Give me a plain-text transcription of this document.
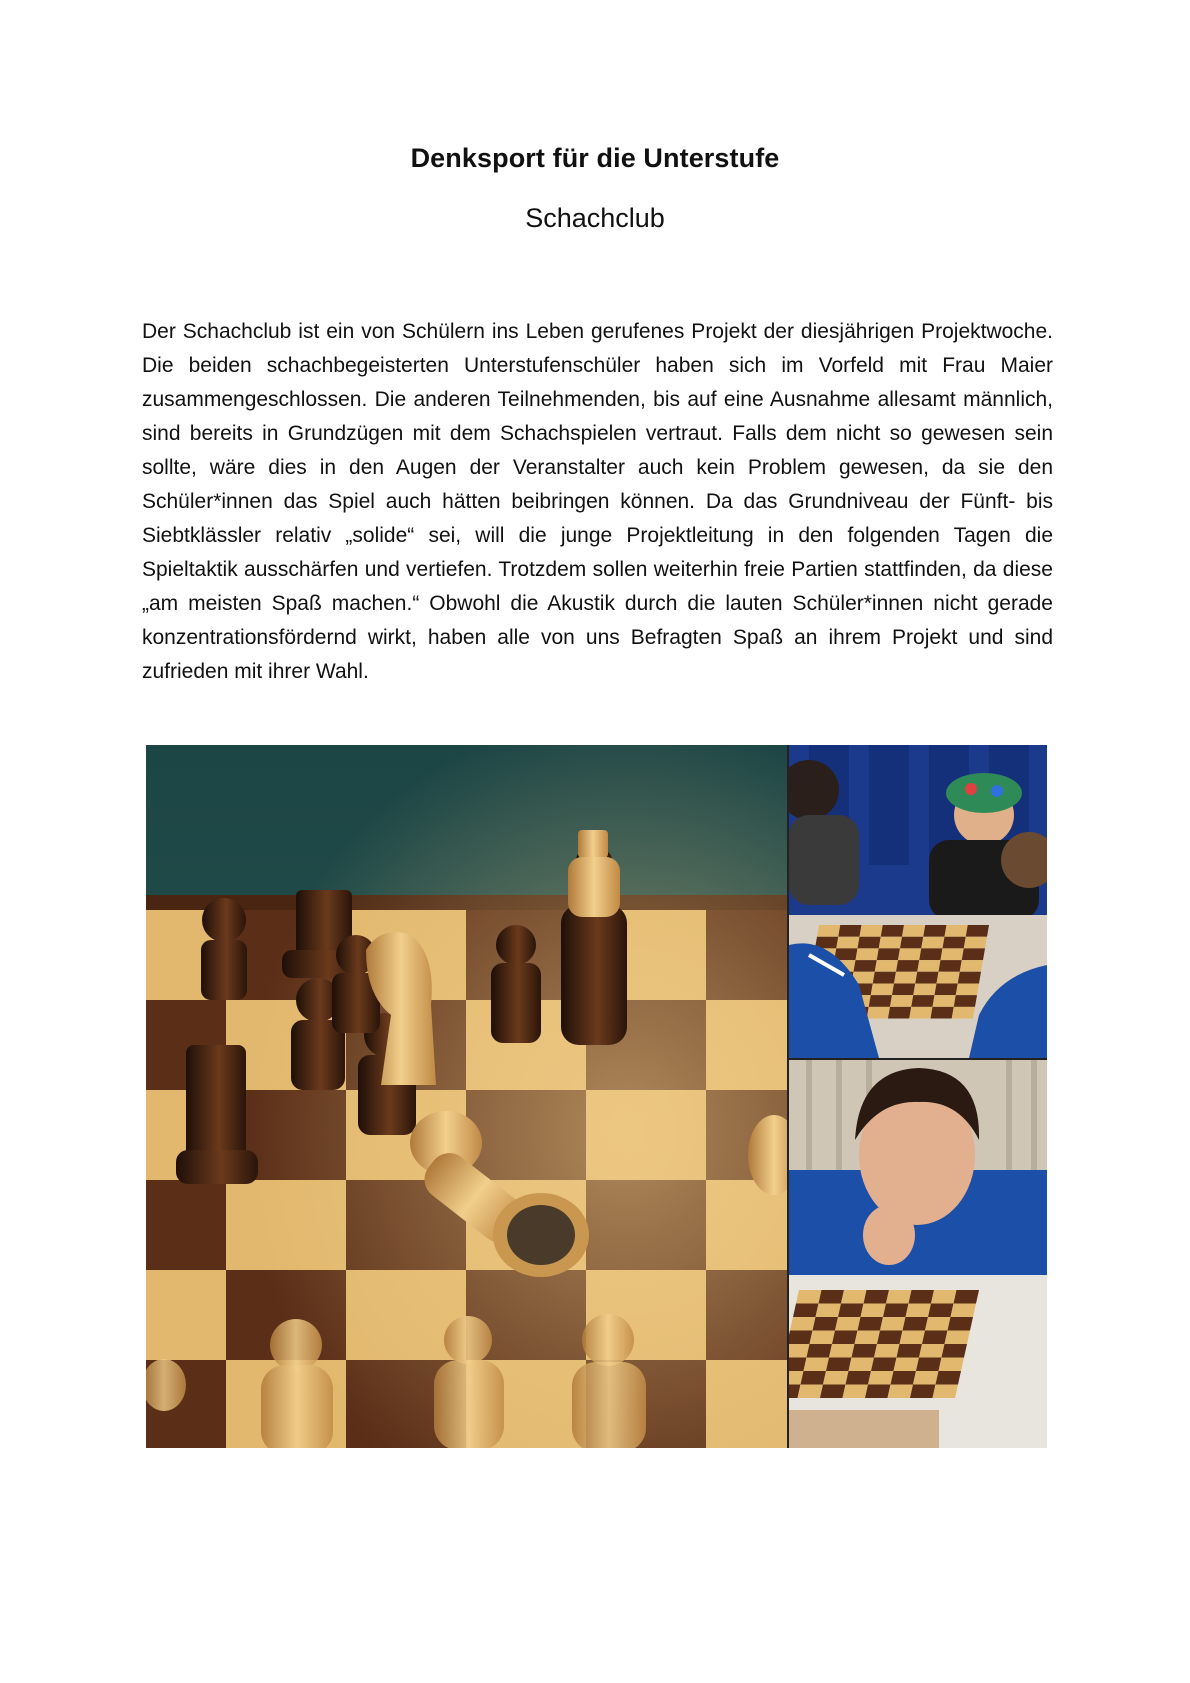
Denksport für die Unterstufe
Schachclub

Der Schachclub ist ein von Schülern ins Leben gerufenes Projekt der diesjährigen Projektwoche. Die beiden schachbegeisterten Unterstufenschüler haben sich im Vorfeld mit Frau Maier zusammengeschlossen. Die anderen Teilnehmenden, bis auf eine Ausnahme allesamt männlich, sind bereits in Grundzügen mit dem Schachspielen vertraut. Falls dem nicht so gewesen sein sollte, wäre dies in den Augen der Veranstalter auch kein Problem gewesen, da sie den Schüler*innen das Spiel auch hätten beibringen können. Da das Grundniveau der Fünft- bis Siebtklässler relativ „solide“ sei, will die junge Projektleitung in den folgenden Tagen die Spieltaktik ausschärfen und vertiefen. Trotzdem sollen weiterhin freie Partien stattfinden, da diese „am meisten Spaß machen.“ Obwohl die Akustik durch die lauten Schüler*innen nicht gerade konzentrationsfördernd wirkt, haben alle von uns Befragten Spaß an ihrem Projekt und sind zufrieden mit ihrer Wahl.
